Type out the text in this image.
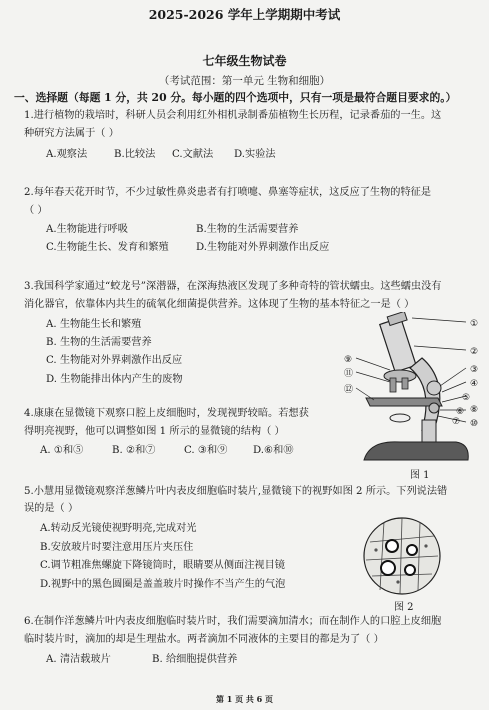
2025-2026 学年上学期期中考试
七年级生物试卷
（考试范围：第一单元 生物和细胞）
一、选择题（每题 1 分，共 20 分。每小题的四个选项中，只有一项是最符合题目要求的。）
1.进行植物的栽培时，科研人员会利用红外相机录制番茄植物生长历程，记录番茄的一生。这
种研究方法属于（ ）
A.观察法	B.比较法 C.文献法 D.实验法
2.每年春天花开时节，不少过敏性鼻炎患者有打喷嚏、鼻塞等症状，这反应了生物的特征是
（ ）
A.生物能进行呼吸	B.生物的生活需要营养
C.生物能生长、发育和繁殖	D.生物能对外界刺激作出反应
3.我国科学家通过“蛟龙号”深潜器，在深海热液区发现了多种奇特的管状蠕虫。这些蠕虫没有
消化器官，依靠体内共生的硫氧化细菌提供营养。这体现了生物的基本特征之一是（ ）
A. 生物能生长和繁殖
B. 生物的生活需要营养
C. 生物能对外界刺激作出反应
D. 生物能排出体内产生的废物
4.康康在显微镜下观察口腔上皮细胞时，发现视野较暗。若想获
得明亮视野，他可以调整如图 1 所示的显微镜的结构（ ）
A. ①和⑤	B. ②和⑦	C. ③和⑨	D.⑥和⑩
5.小慧用显微镜观察洋葱鳞片叶内表皮细胞临时装片,显微镜下的视野如图 2 所示。下列说法错
误的是（ ）
A.转动反光镜使视野明亮,完成对光
B.安放玻片时要注意用压片夹压住
C.调节粗准焦螺旋下降镜筒时，眼睛要从侧面注视目镜
D.视野中的黑色圆圈是盖盖玻片时操作不当产生的气泡
6.在制作洋葱鳞片叶内表皮细胞临时装片时，我们需要滴加清水；而在制作人的口腔上皮细胞
临时装片时，滴加的却是生理盐水。两者滴加不同液体的主要目的都是为了（ ）
A. 清洁载玻片	B. 给细胞提供营养
①
②
③
④
⑤
⑥
⑦
⑧
⑨
⑩
⑪
⑫
图 1
图 2
第 1 页 共 6 页
